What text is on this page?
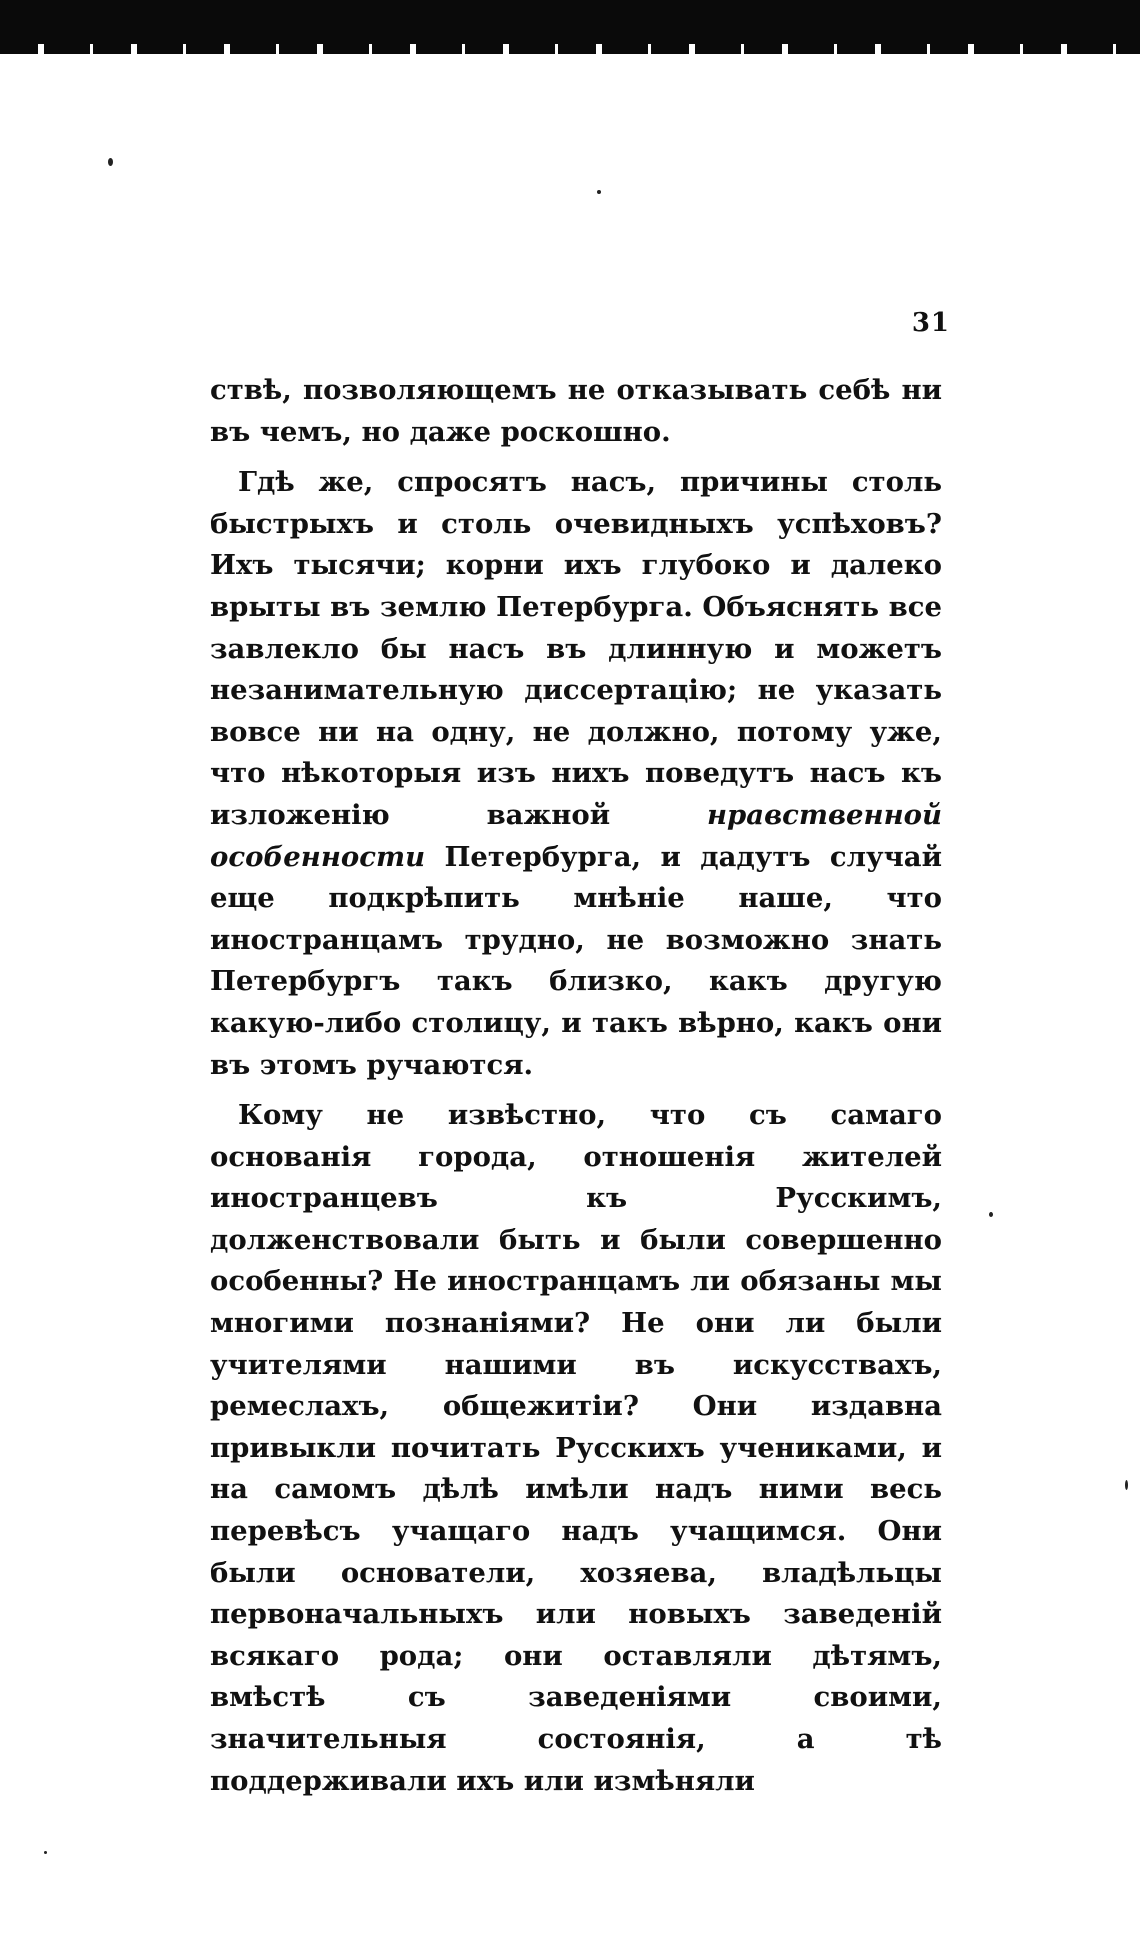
31

ствѣ, позволяющемъ не отказывать себѣ ни въ чемъ, но даже роскошно.

Гдѣ же, спросятъ насъ, причины столь быстрыхъ и столь очевидныхъ успѣховъ? Ихъ тысячи; корни ихъ глубоко и далеко врыты въ землю Петербурга. Объяснять все завлекло бы насъ въ длинную и можетъ незанимательную диссертацію; не указать вовсе ни на одну, не должно, потому уже, что нѣкоторыя изъ нихъ поведутъ насъ къ изложенію важной нравственной особенности Петербурга, и дадутъ случай еще подкрѣпить мнѣніе наше, что иностранцамъ трудно, не возможно знать Петербургъ такъ близко, какъ другую какую-либо столицу, и такъ вѣрно, какъ они въ этомъ ручаются.

Кому не извѣстно, что съ самаго основанія города, отношенія жителей иностранцевъ къ Русскимъ, долженствовали быть и были совершенно особенны? Не иностранцамъ ли обязаны мы многими познаніями? Не они ли были учителями нашими въ искусствахъ, ремеслахъ, общежитіи? Они издавна привыкли почитать Русскихъ учениками, и на самомъ дѣлѣ имѣли надъ ними весь перевѣсъ учащаго надъ учащимся. Они были основатели, хозяева, владѣльцы первоначальныхъ или новыхъ заведеній всякаго рода; они оставляли дѣтямъ, вмѣстѣ съ заведеніями своими, значительныя состоянія, а тѣ поддерживали ихъ или измѣняли
